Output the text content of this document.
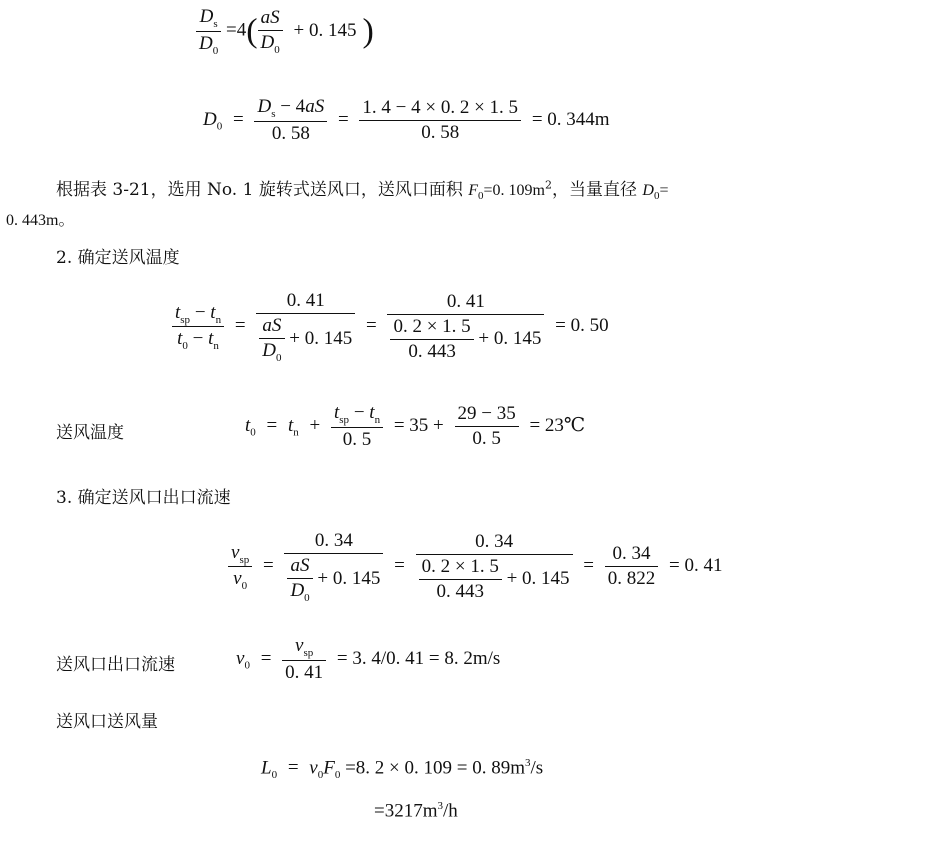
$\frac{D_s}{D_0} =4( \frac{aS}{D_0} + 0$. 145 )
$D_0 = \frac{D_s - 4aS}{0. 58} = \frac{1. 4 - 4 \times 0. 2 \times 1. 5}{0. 58} = 0$. 344m
根据表 3-21，选用 No. 1 旋转式送风口，送风口面积 $F_0=0$. $109m^2$，当量直径 $D_0=$
0. 443m。
2. 确定送风温度
$\frac{t_{sp} - t_n}{t_0 - t_n} = \frac{0. 41}{\frac{aS}{D_0} + 0. 145} = \frac{0. 41}{\frac{0. 2 \times 1. 5}{0. 443} + 0. 145} = 0$. 50
送风温度	$t_0 = t_n + \frac{t_{sp} - t_n}{0. 5} = 35 + \frac{29 - 35}{0. 5}$ = 23℃
3. 确定送风口出口流速
$\frac{v_{sp}}{v_0} = \frac{0. 34}{\frac{aS}{D_0} + 0. 145} = \frac{0. 34}{\frac{0. 2 \times 1. 5}{0. 443} + 0. 145} = \frac{0. 34}{0. 822} = 0$. 41
送风口出口流速	$v_0 = \frac{v_{sp}}{0. 41} = 3$. 4/0. 41 = 8. 2m/s
送风口送风量
$L_0 = v_0F_0 =8$. 2 × 0. 109 = 0. $89m^3/s$
$=3217m^3/h$
